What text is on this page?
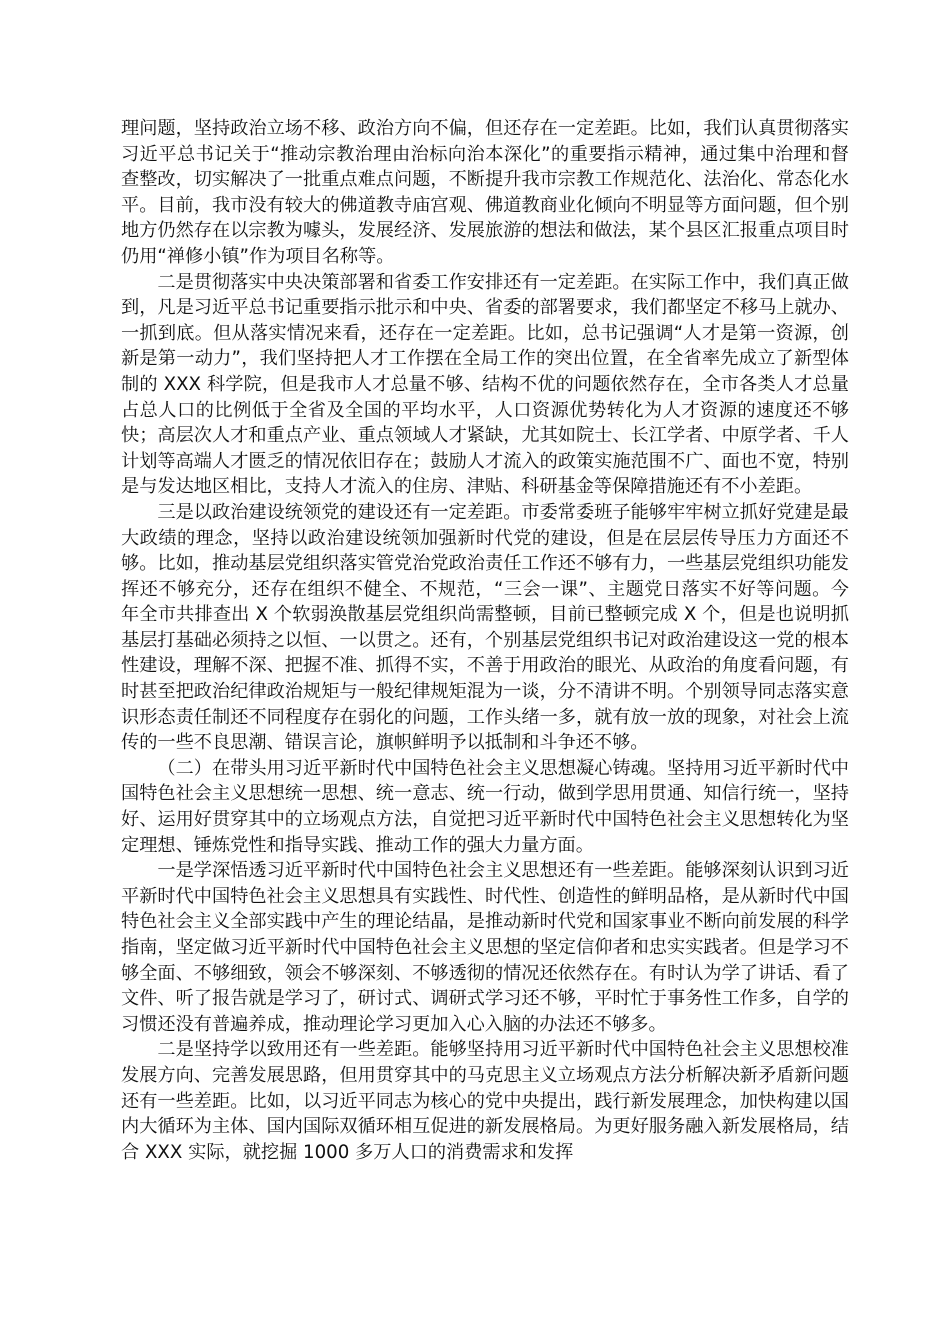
理问题，坚持政治立场不移、政治方向不偏，但还存在一定差距。比如，我们认真贯彻落实习近平总书记关于“推动宗教治理由治标向治本深化”的重要指示精神，通过集中治理和督查整改，切实解决了一批重点难点问题，不断提升我市宗教工作规范化、法治化、常态化水平。目前，我市没有较大的佛道教寺庙宫观、佛道教商业化倾向不明显等方面问题，但个别地方仍然存在以宗教为噱头，发展经济、发展旅游的想法和做法，某个县区汇报重点项目时仍用“禅修小镇”作为项目名称等。

二是贯彻落实中央决策部署和省委工作安排还有一定差距。在实际工作中，我们真正做到，凡是习近平总书记重要指示批示和中央、省委的部署要求，我们都坚定不移马上就办、一抓到底。但从落实情况来看，还存在一定差距。比如，总书记强调“人才是第一资源，创新是第一动力”，我们坚持把人才工作摆在全局工作的突出位置，在全省率先成立了新型体制的 XXX 科学院，但是我市人才总量不够、结构不优的问题依然存在，全市各类人才总量占总人口的比例低于全省及全国的平均水平，人口资源优势转化为人才资源的速度还不够快；高层次人才和重点产业、重点领域人才紧缺，尤其如院士、长江学者、中原学者、千人计划等高端人才匮乏的情况依旧存在；鼓励人才流入的政策实施范围不广、面也不宽，特别是与发达地区相比，支持人才流入的住房、津贴、科研基金等保障措施还有不小差距。

三是以政治建设统领党的建设还有一定差距。市委常委班子能够牢牢树立抓好党建是最大政绩的理念，坚持以政治建设统领加强新时代党的建设，但是在层层传导压力方面还不够。比如，推动基层党组织落实管党治党政治责任工作还不够有力，一些基层党组织功能发挥还不够充分，还存在组织不健全、不规范，“三会一课”、主题党日落实不好等问题。今年全市共排查出 X 个软弱涣散基层党组织尚需整顿，目前已整顿完成 X 个，但是也说明抓基层打基础必须持之以恒、一以贯之。还有，个别基层党组织书记对政治建设这一党的根本性建设，理解不深、把握不准、抓得不实，不善于用政治的眼光、从政治的角度看问题，有时甚至把政治纪律政治规矩与一般纪律规矩混为一谈，分不清讲不明。个别领导同志落实意识形态责任制还不同程度存在弱化的问题，工作头绪一多，就有放一放的现象，对社会上流传的一些不良思潮、错误言论，旗帜鲜明予以抵制和斗争还不够。

（二）在带头用习近平新时代中国特色社会主义思想凝心铸魂。坚持用习近平新时代中国特色社会主义思想统一思想、统一意志、统一行动，做到学思用贯通、知信行统一，坚持好、运用好贯穿其中的立场观点方法，自觉把习近平新时代中国特色社会主义思想转化为坚定理想、锤炼党性和指导实践、推动工作的强大力量方面。

一是学深悟透习近平新时代中国特色社会主义思想还有一些差距。能够深刻认识到习近平新时代中国特色社会主义思想具有实践性、时代性、创造性的鲜明品格，是从新时代中国特色社会主义全部实践中产生的理论结晶，是推动新时代党和国家事业不断向前发展的科学指南，坚定做习近平新时代中国特色社会主义思想的坚定信仰者和忠实实践者。但是学习不够全面、不够细致，领会不够深刻、不够透彻的情况还依然存在。有时认为学了讲话、看了文件、听了报告就是学习了，研讨式、调研式学习还不够，平时忙于事务性工作多，自学的习惯还没有普遍养成，推动理论学习更加入心入脑的办法还不够多。

二是坚持学以致用还有一些差距。能够坚持用习近平新时代中国特色社会主义思想校准发展方向、完善发展思路，但用贯穿其中的马克思主义立场观点方法分析解决新矛盾新问题还有一些差距。比如，以习近平同志为核心的党中央提出，践行新发展理念，加快构建以国内大循环为主体、国内国际双循环相互促进的新发展格局。为更好服务融入新发展格局，结合 XXX 实际，就挖掘 1000 多万人口的消费需求和发挥
